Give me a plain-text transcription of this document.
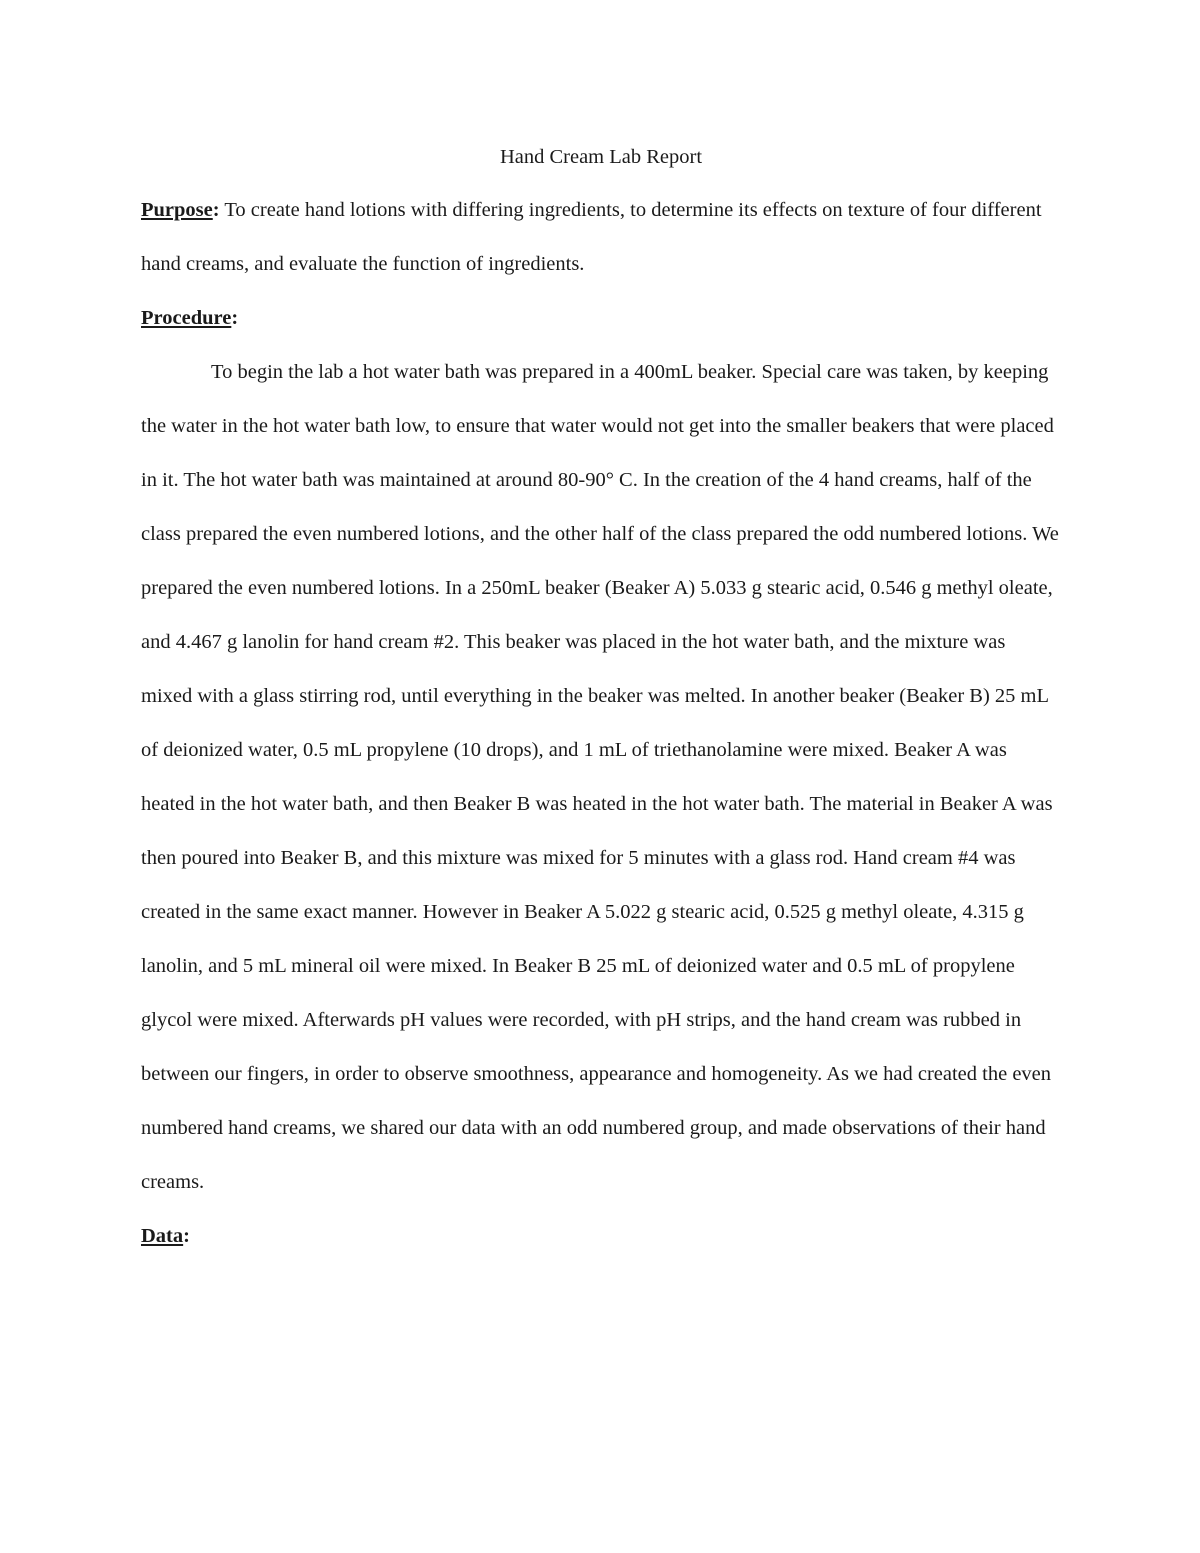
Hand Cream Lab Report

Purpose: To create hand lotions with differing ingredients, to determine its effects on texture of four different hand creams, and evaluate the function of ingredients.

Procedure:

To begin the lab a hot water bath was prepared in a 400mL beaker. Special care was taken, by keeping the water in the hot water bath low, to ensure that water would not get into the smaller beakers that were placed in it. The hot water bath was maintained at around 80-90° C. In the creation of the 4 hand creams, half of the class prepared the even numbered lotions, and the other half of the class prepared the odd numbered lotions. We prepared the even numbered lotions. In a 250mL beaker (Beaker A) 5.033 g stearic acid, 0.546 g methyl oleate, and 4.467 g lanolin for hand cream #2. This beaker was placed in the hot water bath, and the mixture was mixed with a glass stirring rod, until everything in the beaker was melted. In another beaker (Beaker B) 25 mL of deionized water, 0.5 mL propylene (10 drops), and 1 mL of triethanolamine were mixed. Beaker A was heated in the hot water bath, and then Beaker B was heated in the hot water bath. The material in Beaker A was then poured into Beaker B, and this mixture was mixed for 5 minutes with a glass rod. Hand cream #4 was created in the same exact manner. However in Beaker A 5.022 g stearic acid, 0.525 g methyl oleate, 4.315 g lanolin, and 5 mL mineral oil were mixed. In Beaker B 25 mL of deionized water and 0.5 mL of propylene glycol were mixed. Afterwards pH values were recorded, with pH strips, and the hand cream was rubbed in between our fingers, in order to observe smoothness, appearance and homogeneity. As we had created the even numbered hand creams, we shared our data with an odd numbered group, and made observations of their hand creams.

Data:
